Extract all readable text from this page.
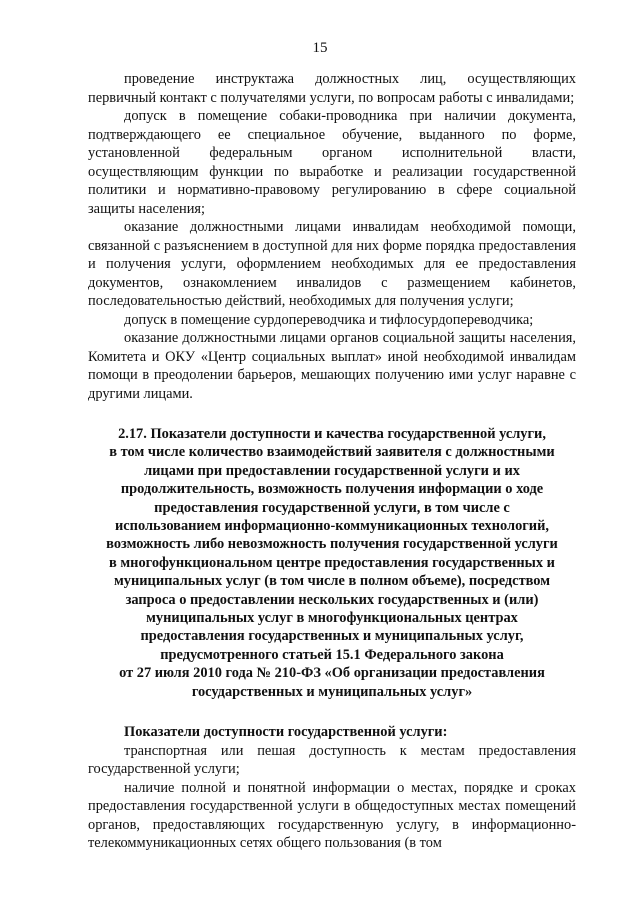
15

проведение инструктажа должностных лиц, осуществляющих первичный контакт с получателями услуги, по вопросам работы с инвалидами;

допуск в помещение собаки-проводника при наличии документа, подтверждающего ее специальное обучение, выданного по форме, установленной федеральным органом исполнительной власти, осуществляющим функции по выработке и реализации государственной политики и нормативно-правовому регулированию в сфере социальной защиты населения;

оказание должностными лицами инвалидам необходимой помощи, связанной с разъяснением в доступной для них форме порядка предоставления и получения услуги, оформлением необходимых для ее предоставления документов, ознакомлением инвалидов с размещением кабинетов, последовательностью действий, необходимых для получения услуги;

допуск в помещение сурдопереводчика и тифлосурдопереводчика;

оказание должностными лицами органов социальной защиты населения, Комитета и ОКУ «Центр социальных выплат» иной необходимой инвалидам помощи в преодолении барьеров, мешающих получению ими услуг наравне с другими лицами.

2.17. Показатели доступности и качества государственной услуги,
в том числе количество взаимодействий заявителя с должностными
лицами при предоставлении государственной услуги и их
продолжительность, возможность получения информации о ходе
предоставления государственной услуги, в том числе с
использованием информационно-коммуникационных технологий,
возможность либо невозможность получения государственной услуги
в многофункциональном центре предоставления государственных и
муниципальных услуг (в том числе в полном объеме), посредством
запроса о предоставлении нескольких государственных и (или)
муниципальных услуг в многофункциональных центрах
предоставления государственных и муниципальных услуг,
предусмотренного статьей 15.1 Федерального закона
от 27 июля 2010 года № 210-ФЗ «Об организации предоставления
государственных и муниципальных услуг»

Показатели доступности государственной услуги:

транспортная или пешая доступность к местам предоставления государственной услуги;

наличие полной и понятной информации о местах, порядке и сроках предоставления государственной услуги в общедоступных местах помещений органов, предоставляющих государственную услугу, в информационно-телекоммуникационных сетях общего пользования (в том
